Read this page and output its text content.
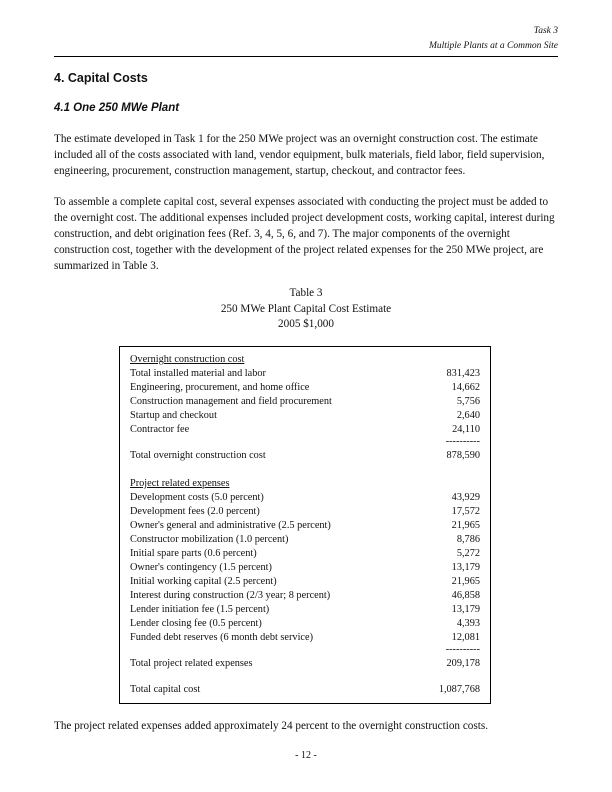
Task 3
Multiple Plants at a Common Site
4. Capital Costs
4.1 One 250 MWe Plant

The estimate developed in Task 1 for the 250 MWe project was an overnight construction cost. The estimate included all of the costs associated with land, vendor equipment, bulk materials, field labor, field supervision, engineering, procurement, construction management, startup, checkout, and contractor fees.

To assemble a complete capital cost, several expenses associated with conducting the project must be added to the overnight cost. The additional expenses included project development costs, working capital, interest during construction, and debt origination fees (Ref. 3, 4, 5, 6, and 7). The major components of the overnight construction cost, together with the development of the project related expenses for the 250 MWe project, are summarized in Table 3.

Table 3
250 MWe Plant Capital Cost Estimate
2005 $1,000
Overnight construction cost
Total installed material and labor	831,423
Engineering, procurement, and home office	14,662
Construction management and field procurement	5,756
Startup and checkout	2,640
Contractor fee	24,110
----------
Total overnight construction cost	878,590
Project related expenses
Development costs (5.0 percent)	43,929
Development fees (2.0 percent)	17,572
Owner's general and administrative (2.5 percent)	21,965
Constructor mobilization (1.0 percent)	8,786
Initial spare parts (0.6 percent)	5,272
Owner's contingency (1.5 percent)	13,179
Initial working capital (2.5 percent)	21,965
Interest during construction (2/3 year; 8 percent)	46,858
Lender initiation fee (1.5 percent)	13,179
Lender closing fee (0.5 percent)	4,393
Funded debt reserves (6 month debt service)	12,081
----------
Total project related expenses	209,178
Total capital cost	1,087,768

The project related expenses added approximately 24 percent to the overnight construction costs.

- 12 -
